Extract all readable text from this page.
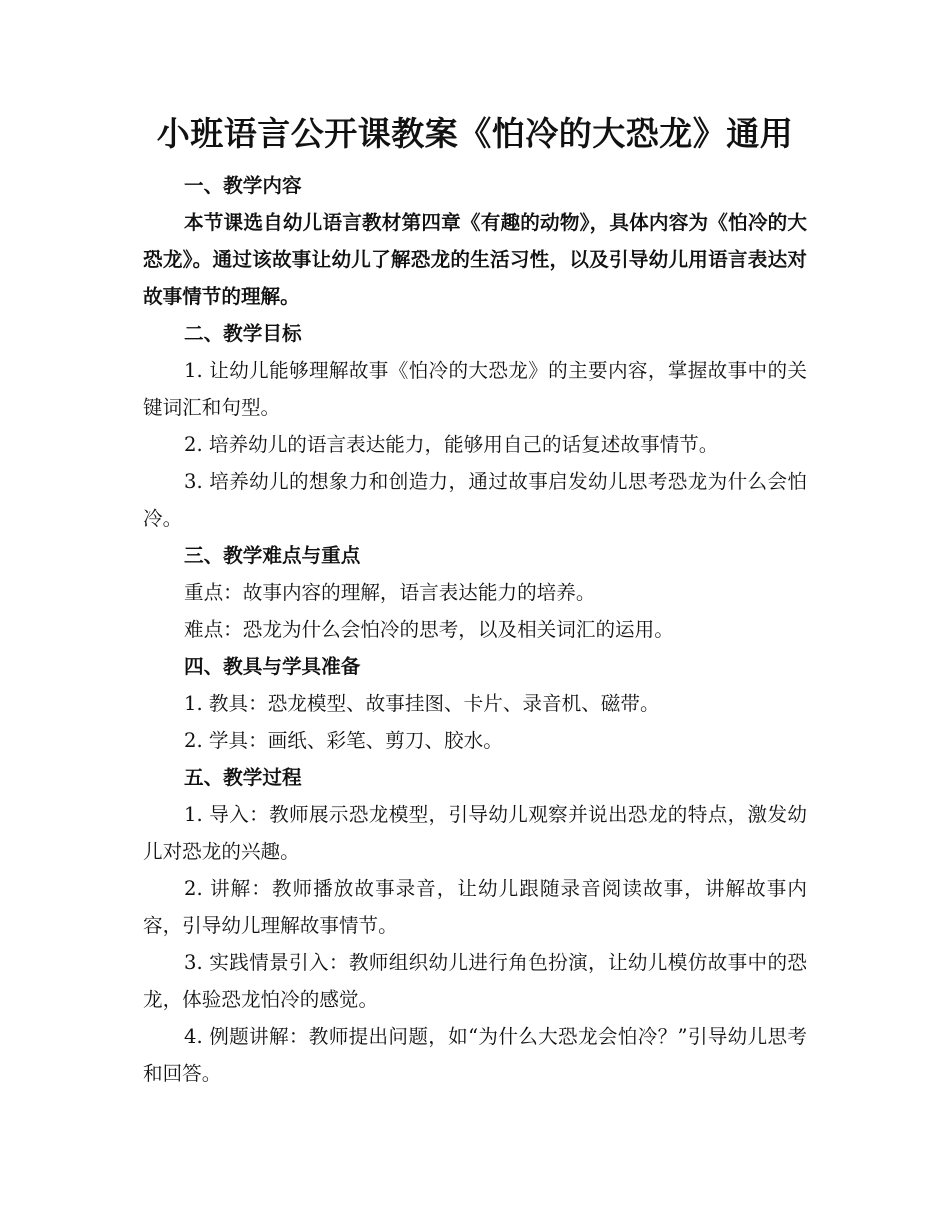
小班语言公开课教案《怕冷的大恐龙》通用

一、教学内容

本节课选自幼儿语言教材第四章《有趣的动物》，具体内容为《怕冷的大恐龙》。通过该故事让幼儿了解恐龙的生活习性，以及引导幼儿用语言表达对故事情节的理解。

二、教学目标

1. 让幼儿能够理解故事《怕冷的大恐龙》的主要内容，掌握故事中的关键词汇和句型。

2. 培养幼儿的语言表达能力，能够用自己的话复述故事情节。

3. 培养幼儿的想象力和创造力，通过故事启发幼儿思考恐龙为什么会怕冷。

三、教学难点与重点

重点：故事内容的理解，语言表达能力的培养。

难点：恐龙为什么会怕冷的思考，以及相关词汇的运用。

四、教具与学具准备

1. 教具：恐龙模型、故事挂图、卡片、录音机、磁带。

2. 学具：画纸、彩笔、剪刀、胶水。

五、教学过程

1. 导入：教师展示恐龙模型，引导幼儿观察并说出恐龙的特点，激发幼儿对恐龙的兴趣。

2. 讲解：教师播放故事录音，让幼儿跟随录音阅读故事，讲解故事内容，引导幼儿理解故事情节。

3. 实践情景引入：教师组织幼儿进行角色扮演，让幼儿模仿故事中的恐龙，体验恐龙怕冷的感觉。

4. 例题讲解：教师提出问题，如“为什么大恐龙会怕冷？”引导幼儿思考和回答。
